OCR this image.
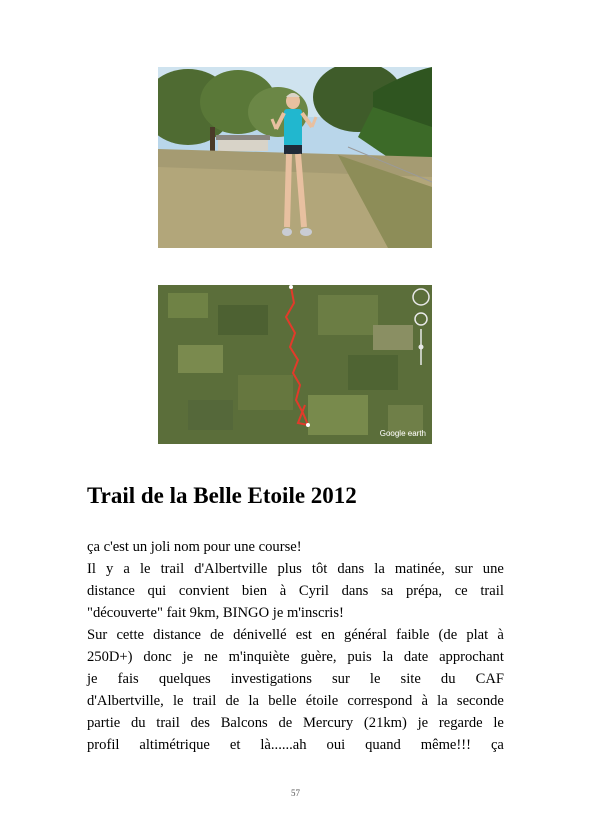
Google earth
Trail de la Belle Etoile 2012
ça c'est un joli nom pour une course!
Il y a le trail d'Albertville plus tôt dans la matinée, sur une
distance qui convient bien à Cyril dans sa prépa, ce trail
"découverte" fait 9km, BINGO je m'inscris!
Sur cette distance de dénivellé est en général faible (de plat à
250D+) donc je ne m'inquiète guère, puis la date approchant
je fais quelques investigations sur le site du CAF
d'Albertville, le trail de la belle étoile correspond à la seconde
partie du trail des Balcons de Mercury (21km) je regarde le
profil altimétrique et là......ah oui quand même!!! ça
57
